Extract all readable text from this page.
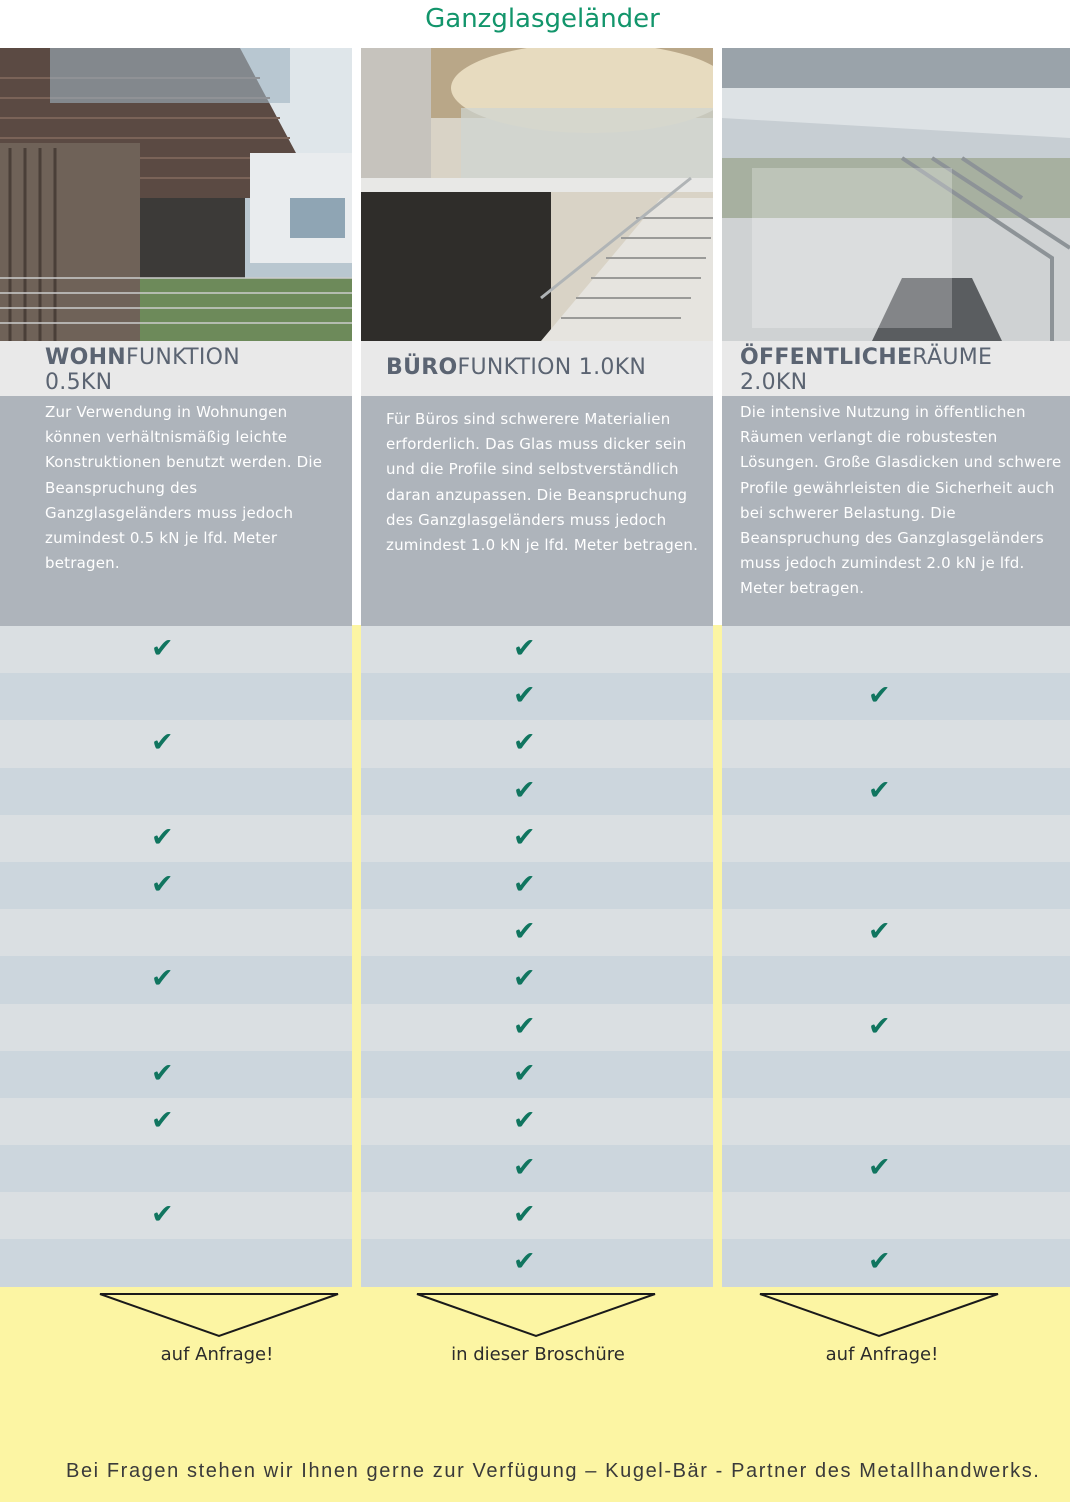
Ganzglasgeländer
WOHNFUNKTION
0.5KN

Zur Verwendung in Wohnungen können verhältnismäßig leichte Konstruktionen benutzt werden. Die Beanspruchung des Ganzglasgeländers muss jedoch zumindest 0.5 kN je lfd. Meter betragen.

✔
✔
✔
✔
✔
✔
✔
✔
BÜROFUNKTION 1.0KN

Für Büros sind schwerere Materialien erforderlich. Das Glas muss dicker sein und die Profile sind selbstverständlich daran anzupassen. Die Beanspruchung des Ganzglasgeländers muss jedoch zumindest 1.0 kN je lfd. Meter betragen.

✔
✔
✔
✔
✔
✔
✔
✔
✔
✔
✔
✔
✔
✔
ÖFFENTLICHERÄUME
2.0KN

Die intensive Nutzung in öffentlichen Räumen verlangt die robustesten Lösungen. Große Glasdicken und schwere Profile gewährleisten die Sicherheit auch bei schwerer Belastung. Die Beanspruchung des Ganzglasgeländers muss jedoch zumindest 2.0 kN je lfd. Meter betragen.

✔
✔
✔
✔
✔
✔
auf Anfrage!	in dieser Broschüre	auf Anfrage!
Bei Fragen stehen wir Ihnen gerne zur Verfügung – Kugel-Bär - Partner des Metallhandwerks.
